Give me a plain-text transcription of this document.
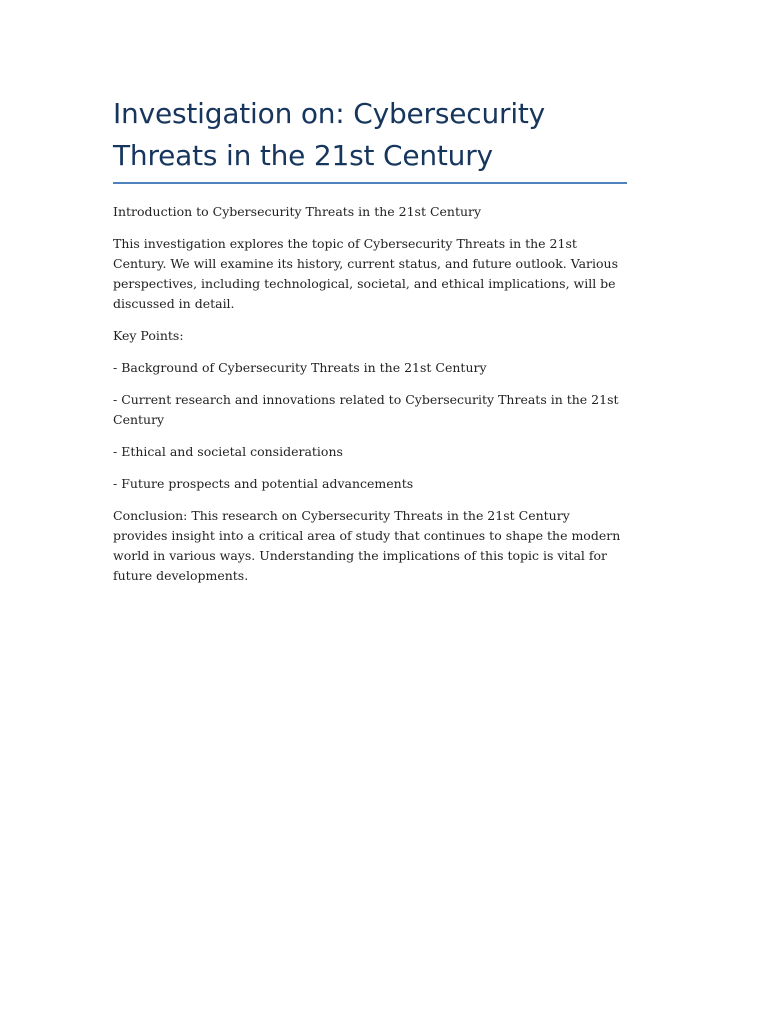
Investigation on: Cybersecurity Threats in the 21st Century

Introduction to Cybersecurity Threats in the 21st Century

This investigation explores the topic of Cybersecurity Threats in the 21st Century. We will examine its history, current status, and future outlook. Various perspectives, including technological, societal, and ethical implications, will be discussed in detail.

Key Points:

- Background of Cybersecurity Threats in the 21st Century
- Current research and innovations related to Cybersecurity Threats in the 21st Century
- Ethical and societal considerations
- Future prospects and potential advancements

Conclusion: This research on Cybersecurity Threats in the 21st Century provides insight into a critical area of study that continues to shape the modern world in various ways. Understanding the implications of this topic is vital for future developments.
